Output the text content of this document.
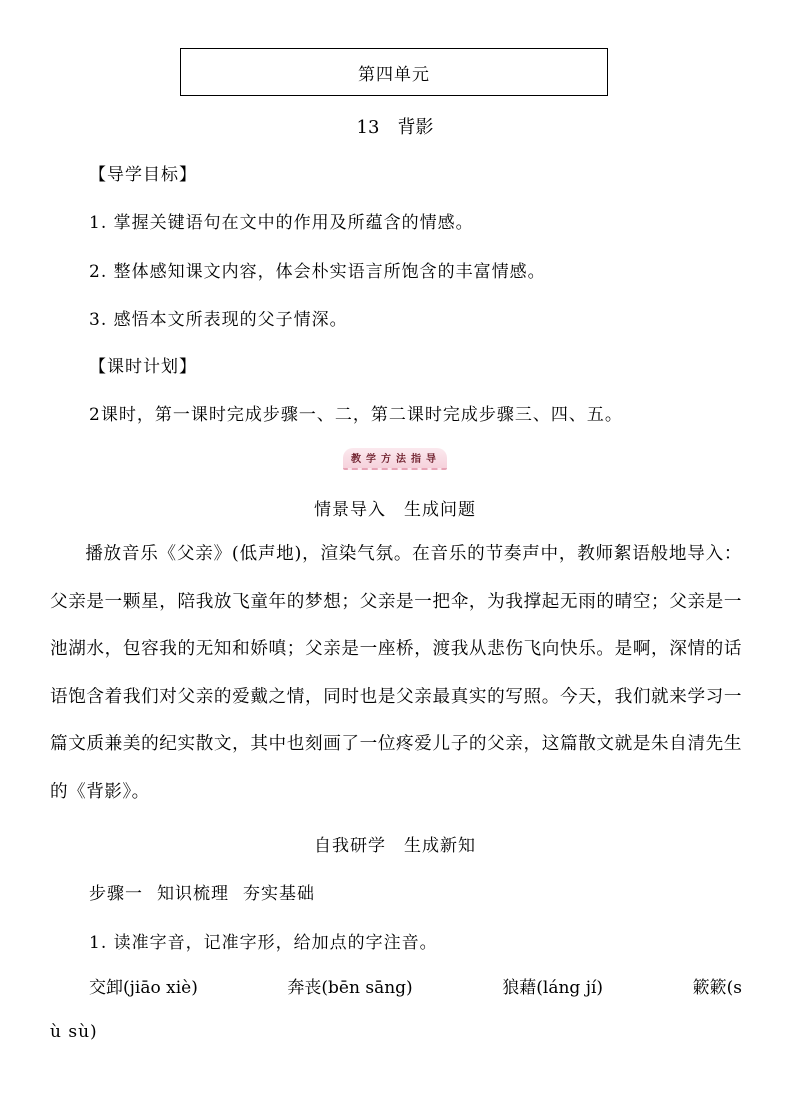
第四单元
13 背影
【导学目标】
1. 掌握关键语句在文中的作用及所蕴含的情感。
2. 整体感知课文内容，体会朴实语言所饱含的丰富情感。
3. 感悟本文所表现的父子情深。
【课时计划】
2课时，第一课时完成步骤一、二，第二课时完成步骤三、四、五。
教学方法指导
情景导入 生成问题
播放音乐《父亲》(低声地)，渲染气氛。在音乐的节奏声中，教师絮语般地导入：父亲是一颗星，陪我放飞童年的梦想；父亲是一把伞，为我撑起无雨的晴空；父亲是一池湖水，包容我的无知和娇嗔；父亲是一座桥，渡我从悲伤飞向快乐。是啊，深情的话语饱含着我们对父亲的爱戴之情，同时也是父亲最真实的写照。今天，我们就来学习一篇文质兼美的纪实散文，其中也刻画了一位疼爱儿子的父亲，这篇散文就是朱自清先生的《背影》。
自我研学 生成新知
步骤一 知识梳理 夯实基础
1. 读准字音，记准字形，给加点的字注音。
交卸(jiāo xiè)	奔丧(bēn sāng)	狼藉(láng jí)	簌簌(s
ù sù)
